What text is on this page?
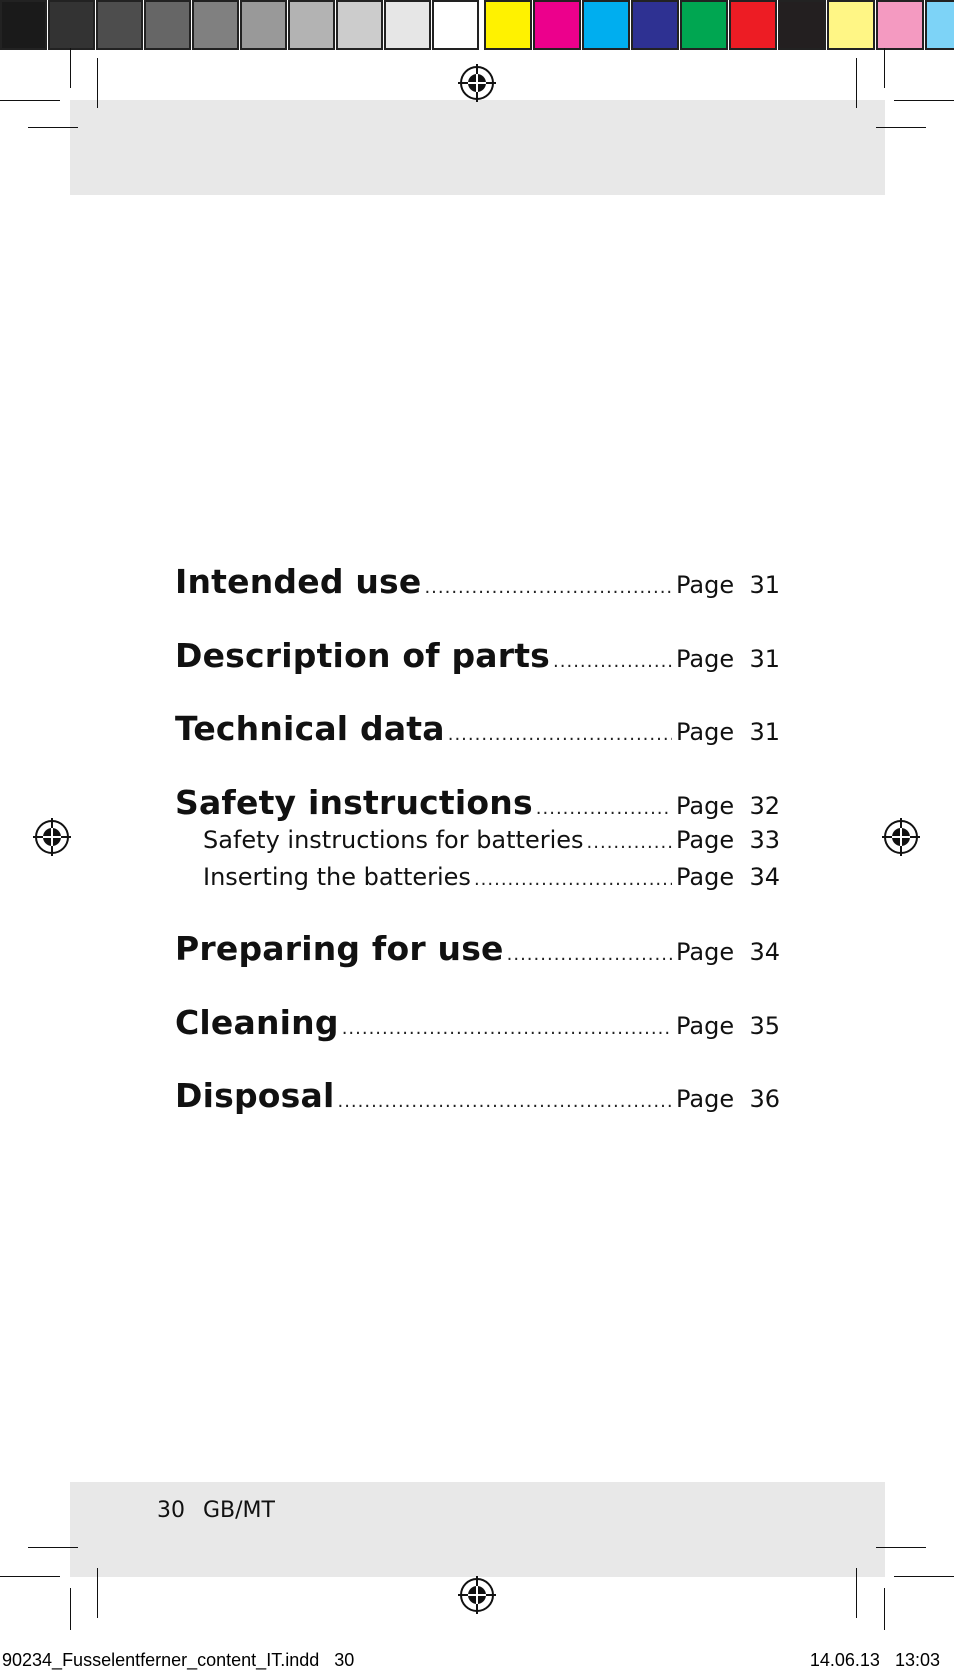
Intended use .....	Page 31
Description of parts .....	Page 31
Technical data .....	Page 31
Safety instructions .....	Page 32
Safety instructions for batteries .....	Page 33
Inserting the batteries .....	Page 34
Preparing for use .....	Page 34
Cleaning .....	Page 35
Disposal .....	Page 36
30 GB/MT
90234_Fusselentferner_content_IT.indd   30	14.06.13   13:03
